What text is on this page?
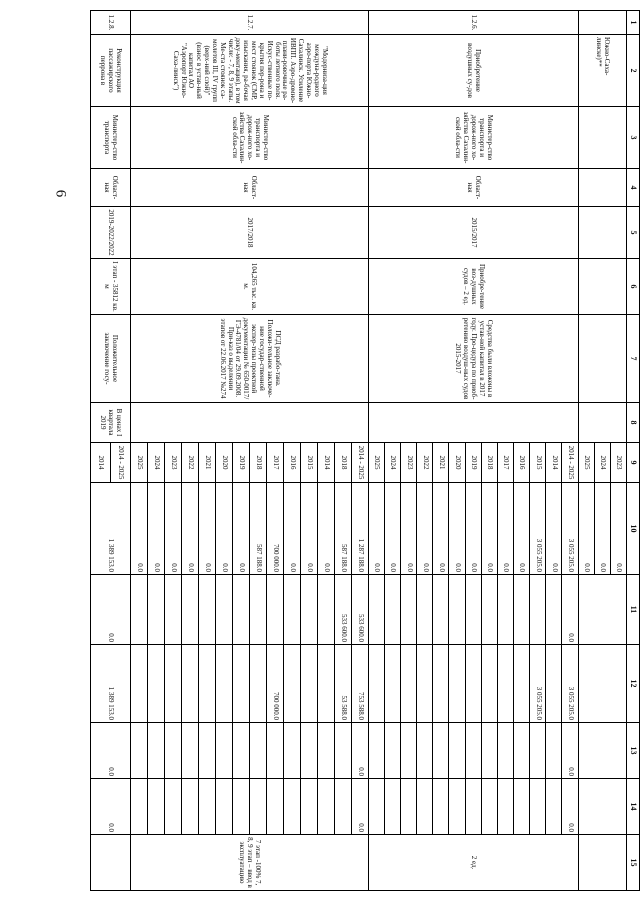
6
1	2	3	4	5	6	7	8	9	10	11	12	13	14	15
	Южно-Саха-линске)**							2023	0.0					
								2024	0.0					
								2025	0.0					
1.2.6.	Приобретение воздушных су-дов	Министер-ство транспорта и дорож-ного хо-зяйства Сахалин-ской обла-сти	Област-ная	2015/2017	Приобре-тение воз-душных судов – 2 ед.	Средства были вложены в устав-ной капитал в 2017 году. Про-цедура по приоб-ретению воздуш-ных судов 2015-2017		2014 - 2025	3 055 205.0	0.0	3 055 205.0	0.0	0.0	2 ед.
								2014	0.0					
								2015	3 055 205.0		3 055 205.0			
								2016	0.0					
								2017	0.0					
								2018	0.0					
								2019	0.0					
								2020	0.0					
								2021	0.0					
								2022	0.0					
								2023	0.0					
								2024	0.0					
								2025	0.0					
1.2.7.	"Модерниза-ция междуна-родного аэро-порта Южно-Сахалинск. Усиление ИВПП. Аэро-дромно-плани-ровочные ра-боты летного поля. Искус-ственные по-крытия пер-рона и мест стоянок (СМР, изыскания, ра-бочая доку-ментация), в том числе: - 7, 8, 9 этапы. Ме-ста стоянок са-молетов III, IV групп (верх-ний слой)" (взнос в устав-ный капитал АО "Аэропорт Южно-Саха-линск")	Министер-ство транспорта и дорож-ного хо-зяйства Сахалин-ской обла-сти	Област-ная	2017/2018	104,265 тыс. кв. м.	ПСД разрабо-тана. Положи-тельное заключе-ние государ-ственной экспер-тизы проектной документации № 650-0017/ГЭ-4781/04 от 29.09.2008. При-каз о выделении этапов от 22.06.2017 №274		2014 - 2025	1 287 188.0	533 600.0	753 588.0	0.0	0.0	7 этап -100% 7, 8, 9 этап – ввод в эксплуатацию
								2018	587 188.0	533 600.0	53 588.0			
								2014	0.0					
								2015	0.0					
								2016	0.0					
								2017	700 000.0		700 000.0			
								2018	587 188.0					
								2019	0.0					
								2020	0.0					
								2021	0.0					
								2022	0.0					
								2023	0.0					
								2024	0.0					
								2025	0.0					
1.2.8.	Реконструкция пассажирского перрона в	Министер-ство транспорта	Област-ная	2019-2022/2022	I этап - 35812 кв. м	Положительное заключение госу-	В ценах I квартала 2019	2014 - 2025	1 389 153.0	0.0	1 389 153.0	0.0	0.0	
								2014						
